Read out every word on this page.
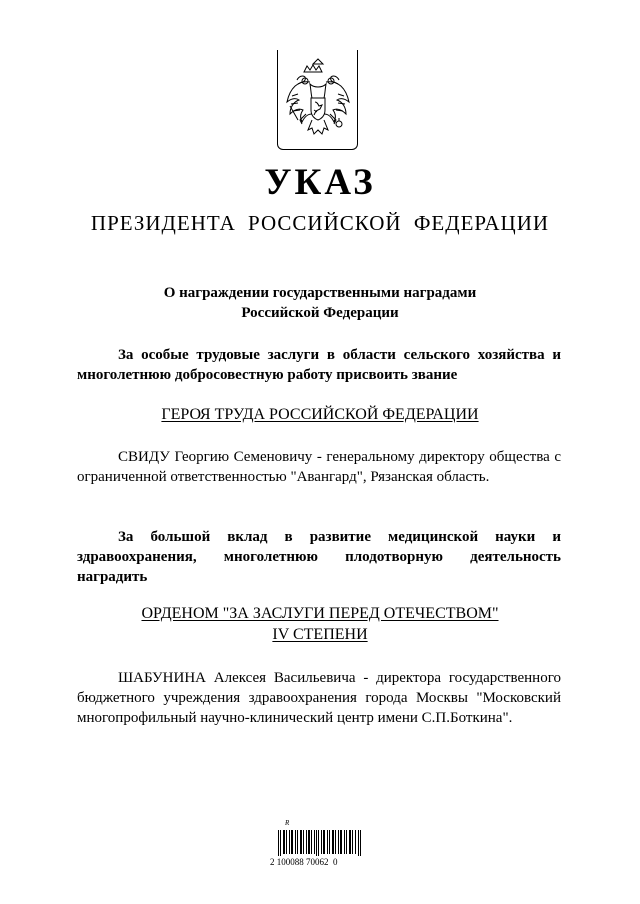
УКАЗ
ПРЕЗИДЕНТА РОССИЙСКОЙ ФЕДЕРАЦИИ
О награждении государственными наградами
Российской Федерации

За особые трудовые заслуги в области сельского хозяйства и многолетнюю добросовестную работу присвоить звание

ГЕРОЯ ТРУДА РОССИЙСКОЙ ФЕДЕРАЦИИ

СВИДУ Георгию Семеновичу - генеральному директору общества с ограниченной ответственностью "Авангард", Рязанская область.

За большой вклад в развитие медицинской науки и здравоохранения, многолетнюю плодотворную деятельность наградить

ОРДЕНОМ "ЗА ЗАСЛУГИ ПЕРЕД ОТЕЧЕСТВОМ"
IV СТЕПЕНИ

ШАБУНИНА Алексея Васильевича - директора государственного бюджетного учреждения здравоохранения города Москвы "Московский многопрофильный научно-клинический центр имени С.П.Боткина".

Ɍ
2 100088 70062  0
